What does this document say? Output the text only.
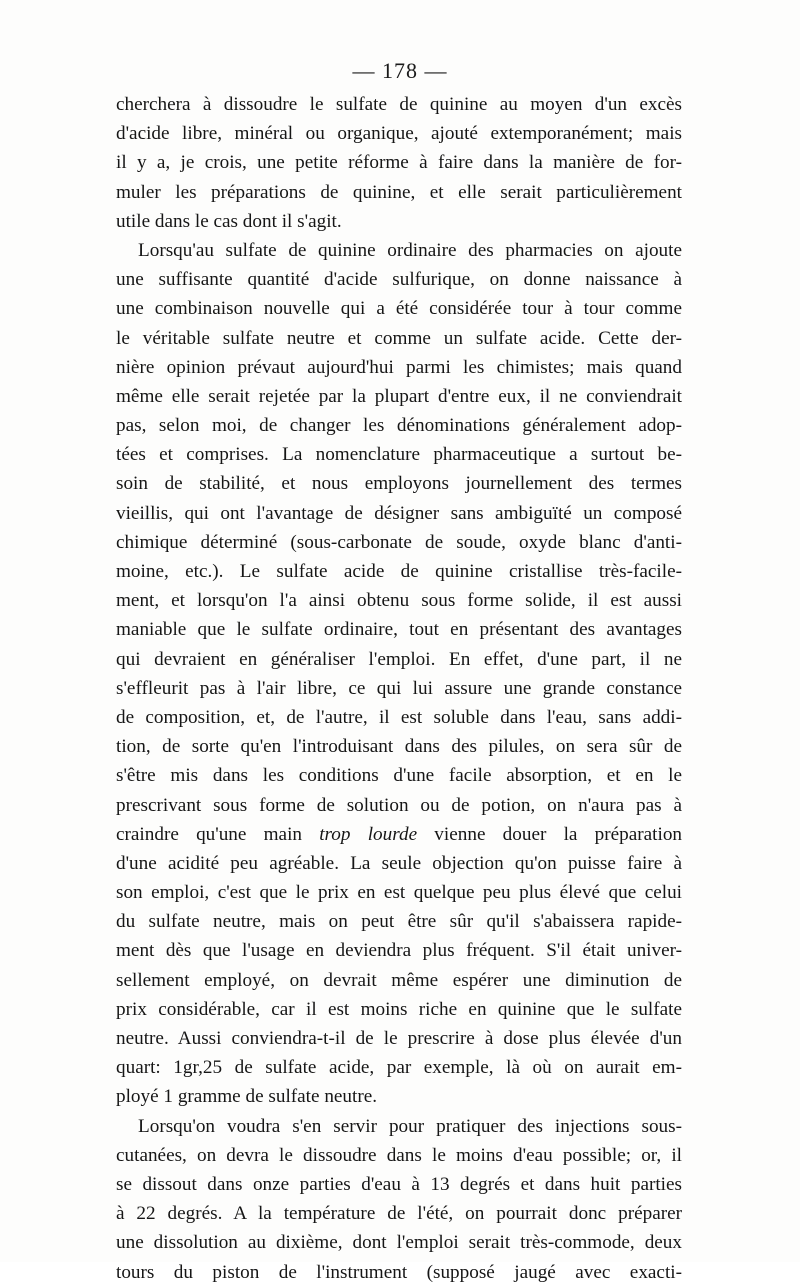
— 178 —
cherchera à dissoudre le sulfate de quinine au moyen d'un excès
d'acide libre, minéral ou organique, ajouté extemporanément; mais
il y a, je crois, une petite réforme à faire dans la manière de for-
muler les préparations de quinine, et elle serait particulièrement
utile dans le cas dont il s'agit.
Lorsqu'au sulfate de quinine ordinaire des pharmacies on ajoute
une suffisante quantité d'acide sulfurique, on donne naissance à
une combinaison nouvelle qui a été considérée tour à tour comme
le véritable sulfate neutre et comme un sulfate acide. Cette der-
nière opinion prévaut aujourd'hui parmi les chimistes; mais quand
même elle serait rejetée par la plupart d'entre eux, il ne conviendrait
pas, selon moi, de changer les dénominations généralement adop-
tées et comprises. La nomenclature pharmaceutique a surtout be-
soin de stabilité, et nous employons journellement des termes
vieillis, qui ont l'avantage de désigner sans ambiguïté un composé
chimique déterminé (sous-carbonate de soude, oxyde blanc d'anti-
moine, etc.). Le sulfate acide de quinine cristallise très-facile-
ment, et lorsqu'on l'a ainsi obtenu sous forme solide, il est aussi
maniable que le sulfate ordinaire, tout en présentant des avantages
qui devraient en généraliser l'emploi. En effet, d'une part, il ne
s'effleurit pas à l'air libre, ce qui lui assure une grande constance
de composition, et, de l'autre, il est soluble dans l'eau, sans addi-
tion, de sorte qu'en l'introduisant dans des pilules, on sera sûr de
s'être mis dans les conditions d'une facile absorption, et en le
prescrivant sous forme de solution ou de potion, on n'aura pas à
craindre qu'une main trop lourde vienne douer la préparation
d'une acidité peu agréable. La seule objection qu'on puisse faire à
son emploi, c'est que le prix en est quelque peu plus élevé que celui
du sulfate neutre, mais on peut être sûr qu'il s'abaissera rapide-
ment dès que l'usage en deviendra plus fréquent. S'il était univer-
sellement employé, on devrait même espérer une diminution de
prix considérable, car il est moins riche en quinine que le sulfate
neutre. Aussi conviendra-t-il de le prescrire à dose plus élevée d'un
quart: 1gr,25 de sulfate acide, par exemple, là où on aurait em-
ployé 1 gramme de sulfate neutre.
Lorsqu'on voudra s'en servir pour pratiquer des injections sous-
cutanées, on devra le dissoudre dans le moins d'eau possible; or, il
se dissout dans onze parties d'eau à 13 degrés et dans huit parties
à 22 degrés. A la température de l'été, on pourrait donc préparer
une dissolution au dixième, dont l'emploi serait très-commode, deux
tours du piston de l'instrument (supposé jaugé avec exacti-
